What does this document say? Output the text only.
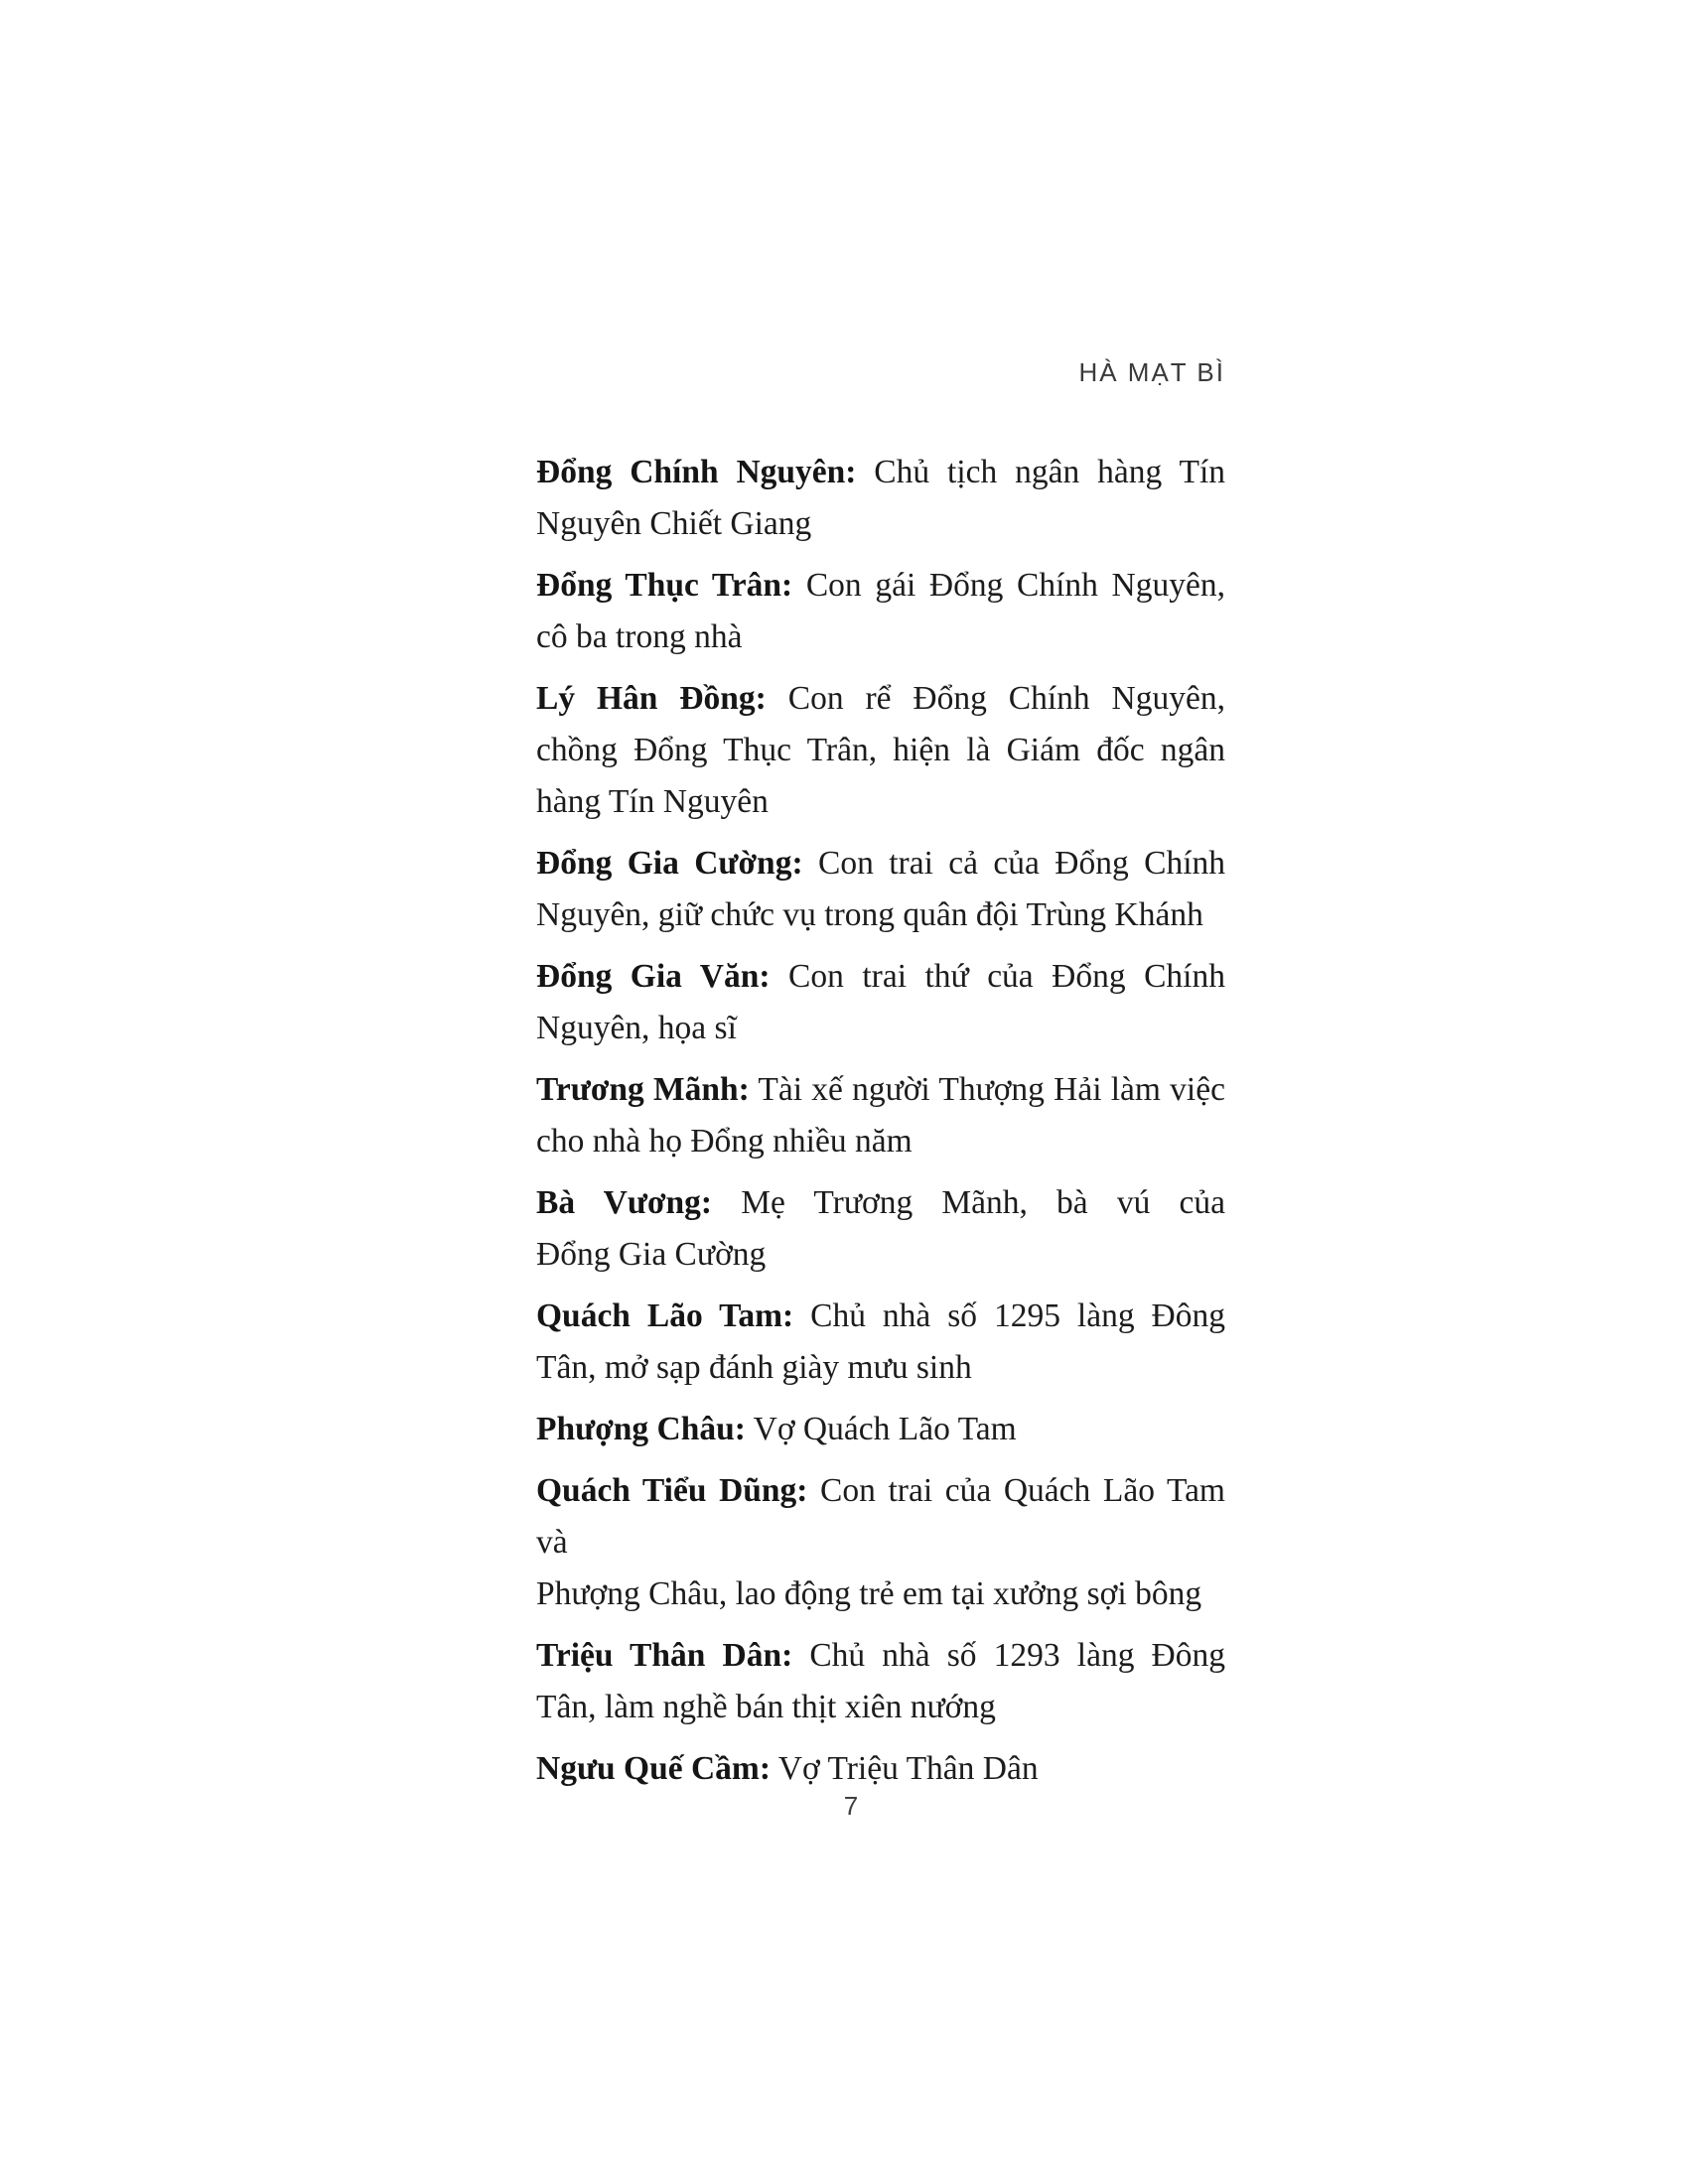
HÀ MẠT BÌ
Đổng Chính Nguyên: Chủ tịch ngân hàng Tín
Nguyên Chiết Giang
Đổng Thục Trân: Con gái Đổng Chính Nguyên,
cô ba trong nhà
Lý Hân Đồng: Con rể Đổng Chính Nguyên,
chồng Đổng Thục Trân, hiện là Giám đốc ngân
hàng Tín Nguyên
Đổng Gia Cường: Con trai cả của Đổng Chính
Nguyên, giữ chức vụ trong quân đội Trùng Khánh
Đổng Gia Văn: Con trai thứ của Đổng Chính
Nguyên, họa sĩ
Trương Mãnh: Tài xế người Thượng Hải làm việc
cho nhà họ Đổng nhiều năm
Bà Vương: Mẹ Trương Mãnh, bà vú của
Đổng Gia Cường
Quách Lão Tam: Chủ nhà số 1295 làng Đông
Tân, mở sạp đánh giày mưu sinh
Phượng Châu: Vợ Quách Lão Tam
Quách Tiểu Dũng: Con trai của Quách Lão Tam và
Phượng Châu, lao động trẻ em tại xưởng sợi bông
Triệu Thân Dân: Chủ nhà số 1293 làng Đông
Tân, làm nghề bán thịt xiên nướng
Ngưu Quế Cầm: Vợ Triệu Thân Dân
7
